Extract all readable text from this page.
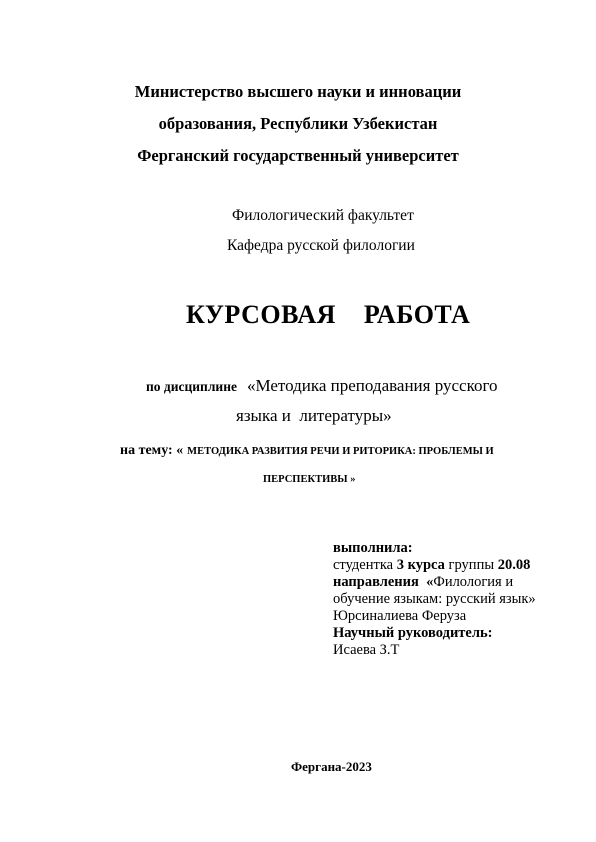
Министерство высшего науки и инновации
образования, Республики Узбекистан
Ферганский государственный университет
Филологический факультет
Кафедра русской филологии
КУРСОВАЯ    РАБОТА
по дисциплине «Методика преподавания русского
языка и  литературы»
на тему: « МЕТОДИКА РАЗВИТИЯ РЕЧИ И РИТОРИКА: ПРОБЛЕМЫ И
ПЕРСПЕКТИВЫ »
выполнила:
студентка 3 курса группы 20.08
направления  «Филология и обучение языкам: русский язык»
Юрсиналиева Феруза
Научный руководитель:
Исаева З.Т
Фергана-2023
